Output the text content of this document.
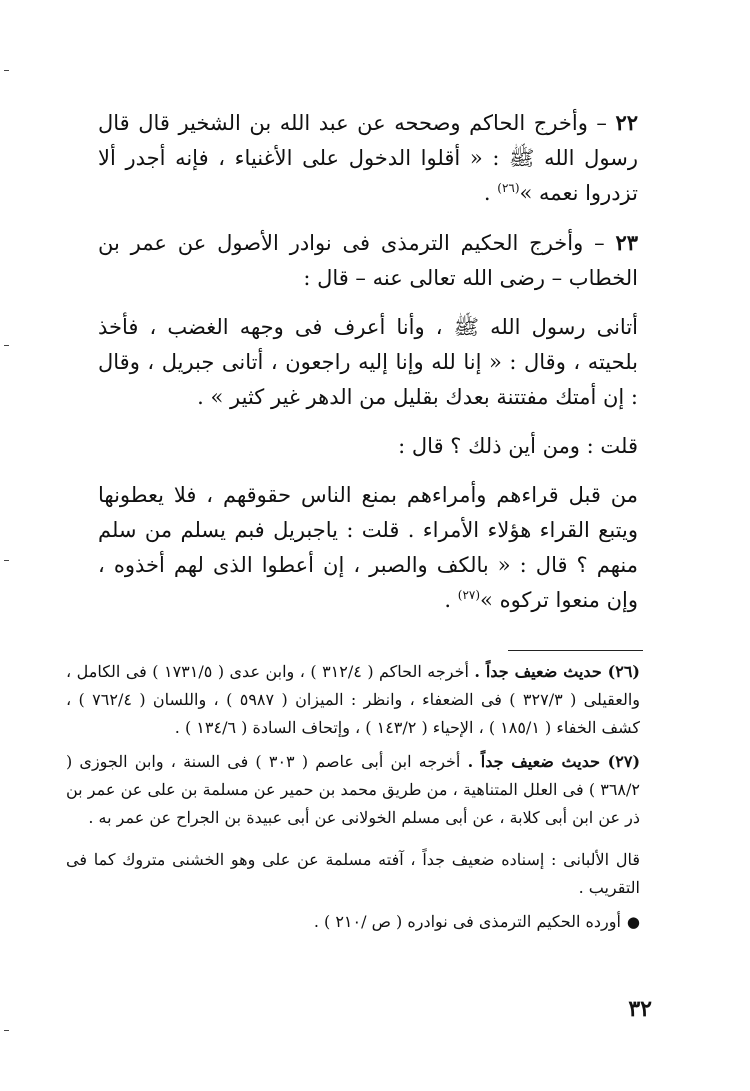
٢٢ – وأخرج الحاكم وصححه عن عبد الله بن الشخير قال قال رسول الله ﷺ : « أقلوا الدخول على الأغنياء ، فإنه أجدر ألا تزدروا نعمه »$^{(٢٦)}$ .

٢٣ – وأخرج الحكيم الترمذى فى نوادر الأصول عن عمر بن الخطاب – رضى الله تعالى عنه – قال :

أتانى رسول الله ﷺ ، وأنا أعرف فى وجهه الغضب ، فأخذ بلحيته ، وقال : « إنا لله وإنا إليه راجعون ، أتانى جبريل ، وقال : إن أمتك مفتتنة بعدك بقليل من الدهر غير كثير » .

قلت : ومن أين ذلك ؟ قال :

من قبل قراءهم وأمراءهم بمنع الناس حقوقهم ، فلا يعطونها ويتبع القراء هؤلاء الأمراء . قلت : ياجبريل فبم يسلم من سلم منهم ؟ قال : « بالكف والصبر ، إن أعطوا الذى لهم أخذوه ، وإن منعوا تركوه »$^{(٢٧)}$ .

(٢٦) حديث ضعيف جداً . أخرجه الحاكم ( ٣١٢/٤ ) ، وابن عدى ( ١٧٣١/٥ ) فى الكامل ، والعقيلى ( ٣٢٧/٣ ) فى الضعفاء ، وانظر : الميزان ( ٥٩٨٧ ) ، واللسان ( ٧٦٢/٤ ) ، كشف الخفاء ( ١٨٥/١ ) ، الإحياء ( ١٤٣/٢ ) ، وإتحاف السادة ( ١٣٤/٦ ) .

(٢٧) حديث ضعيف جداً . أخرجه ابن أبى عاصم ( ٣٠٣ ) فى السنة ، وابن الجوزى ( ٣٦٨/٢ ) فى العلل المتناهية ، من طريق محمد بن حمير عن مسلمة بن على عن عمر بن ذر عن ابن أبى كلابة ، عن أبى مسلم الخولانى عن أبى عبيدة بن الجراح عن عمر به .

قال الألبانى : إسناده ضعيف جداً ، آفته مسلمة عن على وهو الخشنى متروك كما فى التقريب .

●أورده الحكيم الترمذى فى نوادره ( ص /٢١٠ ) .

٣٢
